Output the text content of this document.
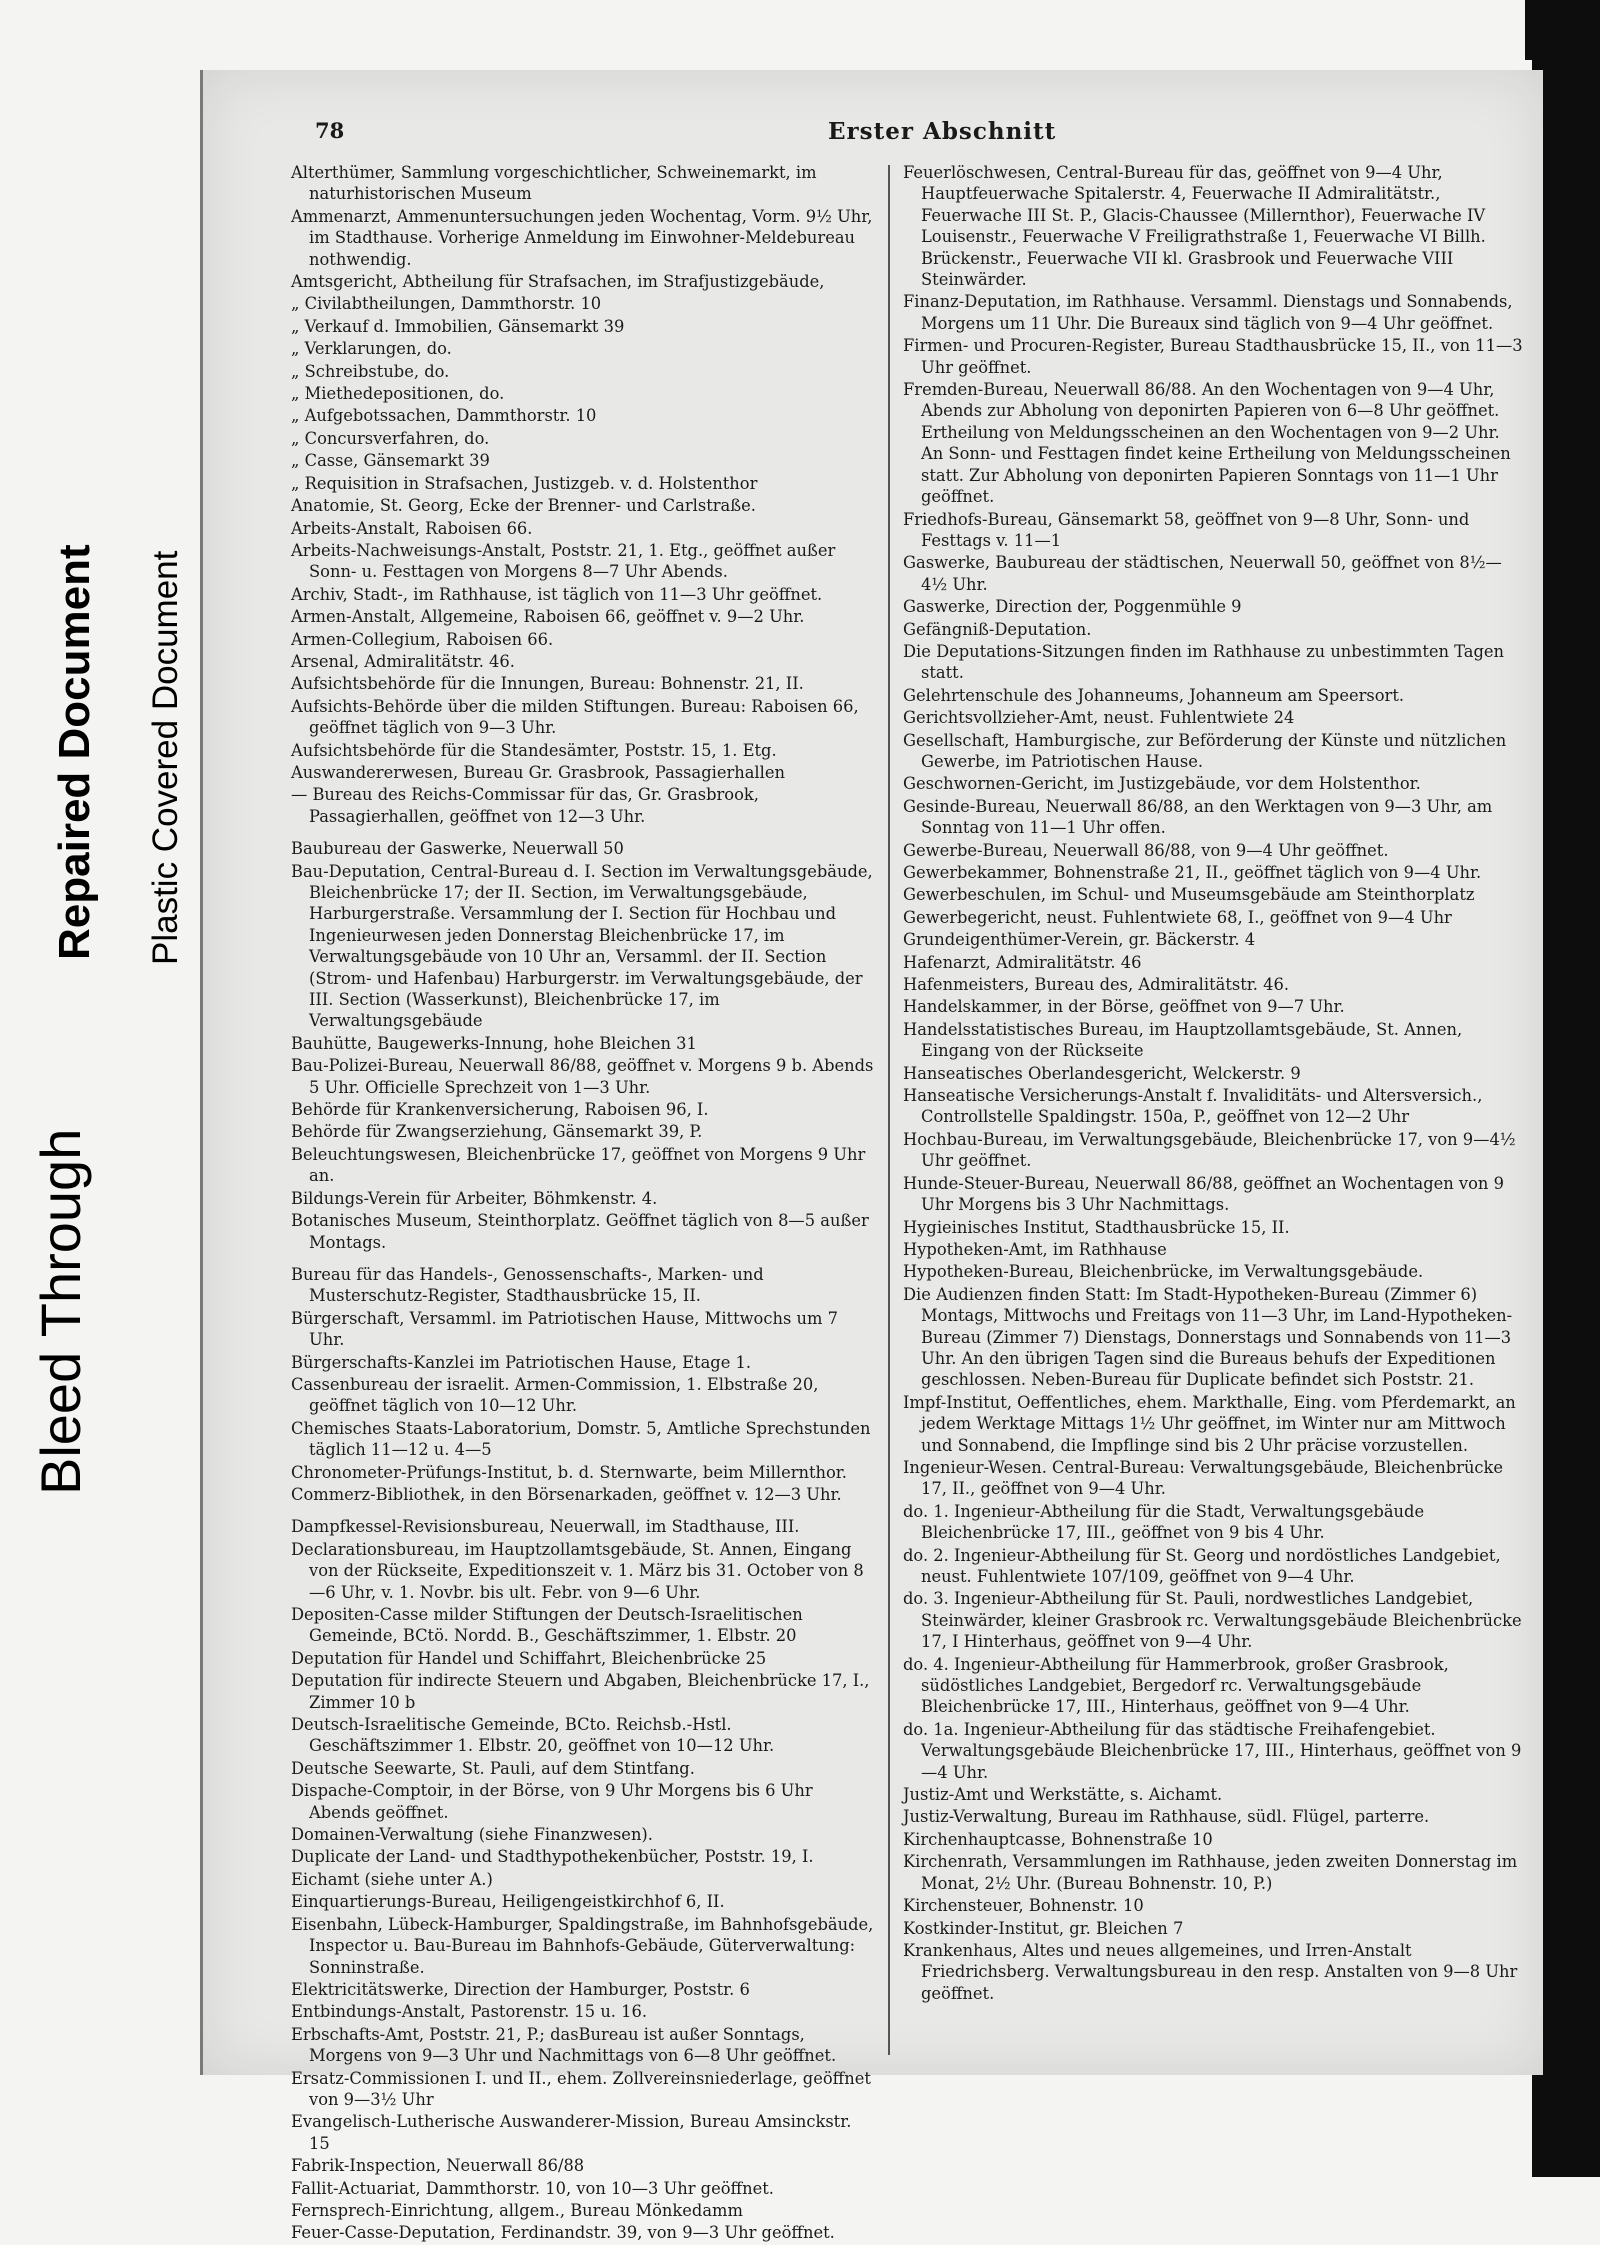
Bleed Through
Repaired Document Plastic Covered Document
78	Erster Abschnitt
Alterthümer, Sammlung vorgeschichtlicher, Schweinemarkt, im naturhistorischen Museum
Ammenarzt, Ammenuntersuchungen jeden Wochentag, Vorm. 9½ Uhr, im Stadthause. Vorherige Anmeldung im Einwohner-Meldebureau nothwendig.
Amtsgericht, Abtheilung für Strafsachen, im Strafjustizgebäude,
„ Civilabtheilungen, Dammthorstr. 10
„ Verkauf d. Immobilien, Gänsemarkt 39
„ Verklarungen, do.
„ Schreibstube, do.
„ Miethedepositionen, do.
„ Aufgebotssachen, Dammthorstr. 10
„ Concursverfahren, do.
„ Casse, Gänsemarkt 39
„ Requisition in Strafsachen, Justizgeb. v. d. Holstenthor
Anatomie, St. Georg, Ecke der Brenner- und Carlstraße.
Arbeits-Anstalt, Raboisen 66.
Arbeits-Nachweisungs-Anstalt, Poststr. 21, 1. Etg., geöffnet außer Sonn- u. Festtagen von Morgens 8—7 Uhr Abends.
Archiv, Stadt-, im Rathhause, ist täglich von 11—3 Uhr geöffnet.
Armen-Anstalt, Allgemeine, Raboisen 66, geöffnet v. 9—2 Uhr.
Armen-Collegium, Raboisen 66.
Arsenal, Admiralitätstr. 46.
Aufsichtsbehörde für die Innungen, Bureau: Bohnenstr. 21, II.
Aufsichts-Behörde über die milden Stiftungen. Bureau: Raboisen 66, geöffnet täglich von 9—3 Uhr.
Aufsichtsbehörde für die Standesämter, Poststr. 15, 1. Etg.
Auswandererwesen, Bureau Gr. Grasbrook, Passagierhallen
— Bureau des Reichs-Commissar für das, Gr. Grasbrook, Passagierhallen, geöffnet von 12—3 Uhr.
Baubureau der Gaswerke, Neuerwall 50
Bau-Deputation, Central-Bureau d. I. Section im Verwaltungsgebäude, Bleichenbrücke 17; der II. Section, im Verwaltungsgebäude, Harburgerstraße. Versammlung der I. Section für Hochbau und Ingenieurwesen jeden Donnerstag Bleichenbrücke 17, im Verwaltungsgebäude von 10 Uhr an, Versamml. der II. Section (Strom- und Hafenbau) Harburgerstr. im Verwaltungsgebäude, der III. Section (Wasserkunst), Bleichenbrücke 17, im Verwaltungsgebäude
Bauhütte, Baugewerks-Innung, hohe Bleichen 31
Bau-Polizei-Bureau, Neuerwall 86/88, geöffnet v. Morgens 9 b. Abends 5 Uhr. Officielle Sprechzeit von 1—3 Uhr.
Behörde für Krankenversicherung, Raboisen 96, I.
Behörde für Zwangserziehung, Gänsemarkt 39, P.
Beleuchtungswesen, Bleichenbrücke 17, geöffnet von Morgens 9 Uhr an.
Bildungs-Verein für Arbeiter, Böhmkenstr. 4.
Botanisches Museum, Steinthorplatz. Geöffnet täglich von 8—5 außer Montags.
Bureau für das Handels-, Genossenschafts-, Marken- und Musterschutz-Register, Stadthausbrücke 15, II.
Bürgerschaft, Versamml. im Patriotischen Hause, Mittwochs um 7 Uhr.
Bürgerschafts-Kanzlei im Patriotischen Hause, Etage 1.
Cassenbureau der israelit. Armen-Commission, 1. Elbstraße 20, geöffnet täglich von 10—12 Uhr.
Chemisches Staats-Laboratorium, Domstr. 5, Amtliche Sprechstunden täglich 11—12 u. 4—5
Chronometer-Prüfungs-Institut, b. d. Sternwarte, beim Millernthor.
Commerz-Bibliothek, in den Börsenarkaden, geöffnet v. 12—3 Uhr.
Dampfkessel-Revisionsbureau, Neuerwall, im Stadthause, III.
Declarationsbureau, im Hauptzollamtsgebäude, St. Annen, Eingang von der Rückseite, Expeditionszeit v. 1. März bis 31. October von 8—6 Uhr, v. 1. Novbr. bis ult. Febr. von 9—6 Uhr.
Depositen-Casse milder Stiftungen der Deutsch-Israelitischen Gemeinde, BCtö. Nordd. B., Geschäftszimmer, 1. Elbstr. 20
Deputation für Handel und Schiffahrt, Bleichenbrücke 25
Deputation für indirecte Steuern und Abgaben, Bleichenbrücke 17, I., Zimmer 10 b
Deutsch-Israelitische Gemeinde, BCto. Reichsb.-Hstl. Geschäftszimmer 1. Elbstr. 20, geöffnet von 10—12 Uhr.
Deutsche Seewarte, St. Pauli, auf dem Stintfang.
Dispache-Comptoir, in der Börse, von 9 Uhr Morgens bis 6 Uhr Abends geöffnet.
Domainen-Verwaltung (siehe Finanzwesen).
Duplicate der Land- und Stadthypothekenbücher, Poststr. 19, I.
Eichamt (siehe unter A.)
Einquartierungs-Bureau, Heiligengeistkirchhof 6, II.
Eisenbahn, Lübeck-Hamburger, Spaldingstraße, im Bahnhofsgebäude, Inspector u. Bau-Bureau im Bahnhofs-Gebäude, Güterverwaltung: Sonninstraße.
Elektricitätswerke, Direction der Hamburger, Poststr. 6
Entbindungs-Anstalt, Pastorenstr. 15 u. 16.
Erbschafts-Amt, Poststr. 21, P.; dasBureau ist außer Sonntags, Morgens von 9—3 Uhr und Nachmittags von 6—8 Uhr geöffnet.
Ersatz-Commissionen I. und II., ehem. Zollvereinsniederlage, geöffnet von 9—3½ Uhr
Evangelisch-Lutherische Auswanderer-Mission, Bureau Amsinckstr. 15
Fabrik-Inspection, Neuerwall 86/88
Fallit-Actuariat, Dammthorstr. 10, von 10—3 Uhr geöffnet.
Fernsprech-Einrichtung, allgem., Bureau Mönkedamm
Feuer-Casse-Deputation, Ferdinandstr. 39, von 9—3 Uhr geöffnet.
Feuerlöschwesen, Central-Bureau für das, geöffnet von 9—4 Uhr, Hauptfeuerwache Spitalerstr. 4, Feuerwache II Admiralitätstr., Feuerwache III St. P., Glacis-Chaussee (Millernthor), Feuerwache IV Louisenstr., Feuerwache V Freiligrathstraße 1, Feuerwache VI Billh. Brückenstr., Feuerwache VII kl. Grasbrook und Feuerwache VIII Steinwärder.
Finanz-Deputation, im Rathhause. Versamml. Dienstags und Sonnabends, Morgens um 11 Uhr. Die Bureaux sind täglich von 9—4 Uhr geöffnet.
Firmen- und Procuren-Register, Bureau Stadthausbrücke 15, II., von 11—3 Uhr geöffnet.
Fremden-Bureau, Neuerwall 86/88. An den Wochentagen von 9—4 Uhr, Abends zur Abholung von deponirten Papieren von 6—8 Uhr geöffnet. Ertheilung von Meldungsscheinen an den Wochentagen von 9—2 Uhr. An Sonn- und Festtagen findet keine Ertheilung von Meldungsscheinen statt. Zur Abholung von deponirten Papieren Sonntags von 11—1 Uhr geöffnet.
Friedhofs-Bureau, Gänsemarkt 58, geöffnet von 9—8 Uhr, Sonn- und Festtags v. 11—1
Gaswerke, Baubureau der städtischen, Neuerwall 50, geöffnet von 8½—4½ Uhr.
Gaswerke, Direction der, Poggenmühle 9
Gefängniß-Deputation.
Die Deputations-Sitzungen finden im Rathhause zu unbestimmten Tagen statt.
Gelehrtenschule des Johanneums, Johanneum am Speersort.
Gerichtsvollzieher-Amt, neust. Fuhlentwiete 24
Gesellschaft, Hamburgische, zur Beförderung der Künste und nützlichen Gewerbe, im Patriotischen Hause.
Geschwornen-Gericht, im Justizgebäude, vor dem Holstenthor.
Gesinde-Bureau, Neuerwall 86/88, an den Werktagen von 9—3 Uhr, am Sonntag von 11—1 Uhr offen.
Gewerbe-Bureau, Neuerwall 86/88, von 9—4 Uhr geöffnet.
Gewerbekammer, Bohnenstraße 21, II., geöffnet täglich von 9—4 Uhr.
Gewerbeschulen, im Schul- und Museumsgebäude am Steinthorplatz
Gewerbegericht, neust. Fuhlentwiete 68, I., geöffnet von 9—4 Uhr
Grundeigenthümer-Verein, gr. Bäckerstr. 4
Hafenarzt, Admiralitätstr. 46
Hafenmeisters, Bureau des, Admiralitätstr. 46.
Handelskammer, in der Börse, geöffnet von 9—7 Uhr.
Handelsstatistisches Bureau, im Hauptzollamtsgebäude, St. Annen, Eingang von der Rückseite
Hanseatisches Oberlandesgericht, Welckerstr. 9
Hanseatische Versicherungs-Anstalt f. Invaliditäts- und Altersversich., Controllstelle Spaldingstr. 150a, P., geöffnet von 12—2 Uhr
Hochbau-Bureau, im Verwaltungsgebäude, Bleichenbrücke 17, von 9—4½ Uhr geöffnet.
Hunde-Steuer-Bureau, Neuerwall 86/88, geöffnet an Wochentagen von 9 Uhr Morgens bis 3 Uhr Nachmittags.
Hygieinisches Institut, Stadthausbrücke 15, II.
Hypotheken-Amt, im Rathhause
Hypotheken-Bureau, Bleichenbrücke, im Verwaltungsgebäude.
Die Audienzen finden Statt: Im Stadt-Hypotheken-Bureau (Zimmer 6) Montags, Mittwochs und Freitags von 11—3 Uhr, im Land-Hypotheken-Bureau (Zimmer 7) Dienstags, Donnerstags und Sonnabends von 11—3 Uhr. An den übrigen Tagen sind die Bureaus behufs der Expeditionen geschlossen. Neben-Bureau für Duplicate befindet sich Poststr. 21.
Impf-Institut, Oeffentliches, ehem. Markthalle, Eing. vom Pferdemarkt, an jedem Werktage Mittags 1½ Uhr geöffnet, im Winter nur am Mittwoch und Sonnabend, die Impflinge sind bis 2 Uhr präcise vorzustellen.
Ingenieur-Wesen. Central-Bureau: Verwaltungsgebäude, Bleichenbrücke 17, II., geöffnet von 9—4 Uhr.
do. 1. Ingenieur-Abtheilung für die Stadt, Verwaltungsgebäude Bleichenbrücke 17, III., geöffnet von 9 bis 4 Uhr.
do. 2. Ingenieur-Abtheilung für St. Georg und nordöstliches Landgebiet, neust. Fuhlentwiete 107/109, geöffnet von 9—4 Uhr.
do. 3. Ingenieur-Abtheilung für St. Pauli, nordwestliches Landgebiet, Steinwärder, kleiner Grasbrook rc. Verwaltungsgebäude Bleichenbrücke 17, I Hinterhaus, geöffnet von 9—4 Uhr.
do. 4. Ingenieur-Abtheilung für Hammerbrook, großer Grasbrook, südöstliches Landgebiet, Bergedorf rc. Verwaltungsgebäude Bleichenbrücke 17, III., Hinterhaus, geöffnet von 9—4 Uhr.
do. 1a. Ingenieur-Abtheilung für das städtische Freihafengebiet. Verwaltungsgebäude Bleichenbrücke 17, III., Hinterhaus, geöffnet von 9—4 Uhr.
Justiz-Amt und Werkstätte, s. Aichamt.
Justiz-Verwaltung, Bureau im Rathhause, südl. Flügel, parterre.
Kirchenhauptcasse, Bohnenstraße 10
Kirchenrath, Versammlungen im Rathhause, jeden zweiten Donnerstag im Monat, 2½ Uhr. (Bureau Bohnenstr. 10, P.)
Kirchensteuer, Bohnenstr. 10
Kostkinder-Institut, gr. Bleichen 7
Krankenhaus, Altes und neues allgemeines, und Irren-Anstalt Friedrichsberg. Verwaltungsbureau in den resp. Anstalten von 9—8 Uhr geöffnet.
